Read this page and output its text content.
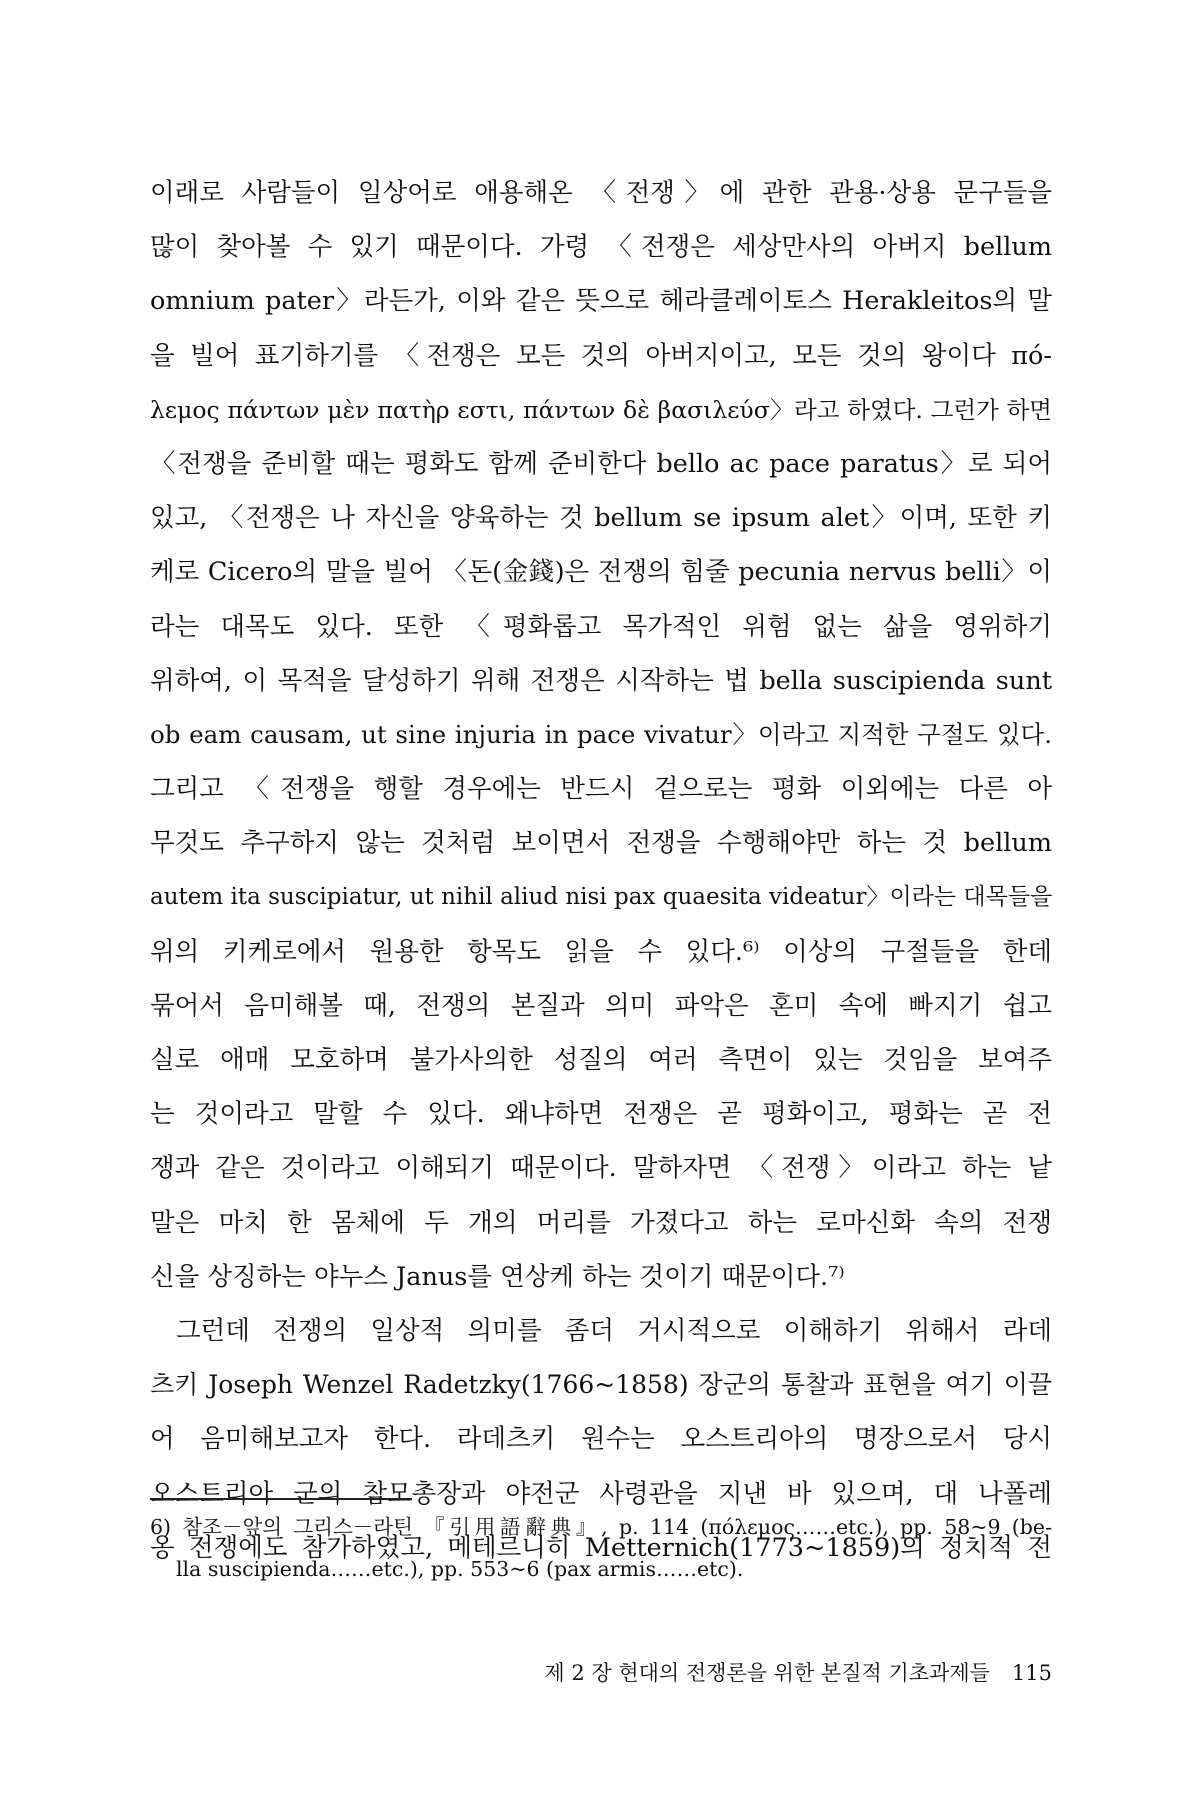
이래로 사람들이 일상어로 애용해온 〈전쟁〉에 관한 관용·상용 문구들을
많이 찾아볼 수 있기 때문이다. 가령 〈전쟁은 세상만사의 아버지 bellum
omnium pater〉라든가, 이와 같은 뜻으로 헤라클레이토스 Herakleitos의 말
을 빌어 표기하기를 〈전쟁은 모든 것의 아버지이고, 모든 것의 왕이다 πό-
λεμος πάντων μὲν πατὴρ εστι, πάντων δὲ βασιλεύσ〉라고 하였다. 그런가 하면
〈전쟁을 준비할 때는 평화도 함께 준비한다 bello ac pace paratus〉로 되어
있고, 〈전쟁은 나 자신을 양육하는 것 bellum se ipsum alet〉이며, 또한 키
케로 Cicero의 말을 빌어 〈돈(金錢)은 전쟁의 힘줄 pecunia nervus belli〉이
라는 대목도 있다. 또한 〈평화롭고 목가적인 위험 없는 삶을 영위하기
위하여, 이 목적을 달성하기 위해 전쟁은 시작하는 법 bella suscipienda sunt
ob eam causam, ut sine injuria in pace vivatur〉이라고 지적한 구절도 있다.
그리고 〈전쟁을 행할 경우에는 반드시 겉으로는 평화 이외에는 다른 아
무것도 추구하지 않는 것처럼 보이면서 전쟁을 수행해야만 하는 것 bellum
autem ita suscipiatur, ut nihil aliud nisi pax quaesita videatur〉이라는 대목들을
위의 키케로에서 원용한 항목도 읽을 수 있다.⁶⁾ 이상의 구절들을 한데
묶어서 음미해볼 때, 전쟁의 본질과 의미 파악은 혼미 속에 빠지기 쉽고
실로 애매 모호하며 불가사의한 성질의 여러 측면이 있는 것임을 보여주
는 것이라고 말할 수 있다. 왜냐하면 전쟁은 곧 평화이고, 평화는 곧 전
쟁과 같은 것이라고 이해되기 때문이다. 말하자면 〈전쟁〉이라고 하는 낱
말은 마치 한 몸체에 두 개의 머리를 가졌다고 하는 로마신화 속의 전쟁
신을 상징하는 야누스 Janus를 연상케 하는 것이기 때문이다.⁷⁾
그런데 전쟁의 일상적 의미를 좀더 거시적으로 이해하기 위해서 라데
츠키 Joseph Wenzel Radetzky(1766~1858) 장군의 통찰과 표현을 여기 이끌
어 음미해보고자 한다. 라데츠키 원수는 오스트리아의 명장으로서 당시
오스트리아 군의 참모총장과 야전군 사령관을 지낸 바 있으며, 대 나폴레
옹 전쟁에도 참가하였고, 메테르니히 Metternich(1773~1859)의 정치적 전
6) 참조－앞의 그리스－라틴 『引用語辭典』, p. 114 (πόλεμος……etc.), pp. 58~9 (be-
lla suscipienda……etc.), pp. 553~6 (pax armis……etc).
제 2 장 현대의 전쟁론을 위한 본질적 기초과제들 115
